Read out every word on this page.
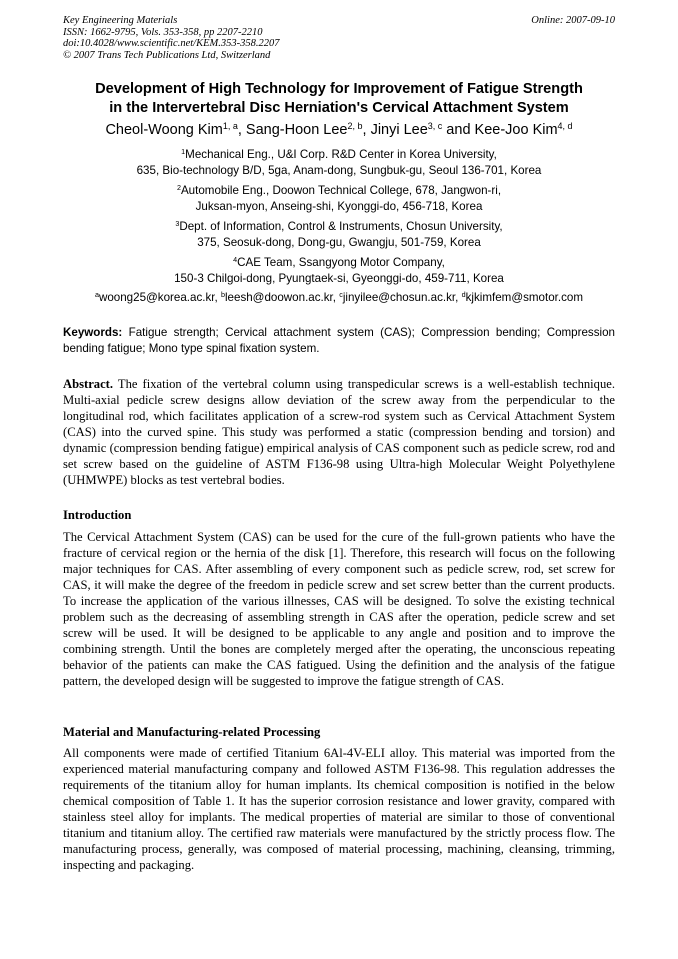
Key Engineering Materials
ISSN: 1662-9795, Vols. 353-358, pp 2207-2210
doi:10.4028/www.scientific.net/KEM.353-358.2207
© 2007 Trans Tech Publications Ltd, Switzerland
Online: 2007-09-10
Development of High Technology for Improvement of Fatigue Strength
in the Intervertebral Disc Herniation's Cervical Attachment System
Cheol-Woong Kim$^{1, a}$, Sang-Hoon Lee$^{2, b}$, Jinyi Lee$^{3, c}$ and Kee-Joo Kim$^{4, d}$
$^1$Mechanical Eng., U&I Corp. R&D Center in Korea University,
635, Bio-technology B/D, 5ga, Anam-dong, Sungbuk-gu, Seoul 136-701, Korea
$^2$Automobile Eng., Doowon Technical College, 678, Jangwon-ri,
Juksan-myon, Anseing-shi, Kyonggi-do, 456-718, Korea
$^3$Dept. of Information, Control & Instruments, Chosun University,
375, Seosuk-dong, Dong-gu, Gwangju, 501-759, Korea
$^4$CAE Team, Ssangyong Motor Company,
150-3 Chilgoi-dong, Pyungtaek-si, Gyeonggi-do, 459-711, Korea
$^a$woong25@korea.ac.kr, $^b$leesh@doowon.ac.kr, $^c$jinyilee@chosun.ac.kr, $^d$kjkimfem@smotor.com
Keywords: Fatigue strength; Cervical attachment system (CAS); Compression bending; Compression bending fatigue; Mono type spinal fixation system.
Abstract. The fixation of the vertebral column using transpedicular screws is a well-establish technique. Multi-axial pedicle screw designs allow deviation of the screw away from the perpendicular to the longitudinal rod, which facilitates application of a screw-rod system such as Cervical Attachment System (CAS) into the curved spine. This study was performed a static (compression bending and torsion) and dynamic (compression bending fatigue) empirical analysis of CAS component such as pedicle screw, rod and set screw based on the guideline of ASTM F136-98 using Ultra-high Molecular Weight Polyethylene (UHMWPE) blocks as test vertebral bodies.
Introduction
The Cervical Attachment System (CAS) can be used for the cure of the full-grown patients who have the fracture of cervical region or the hernia of the disk [1]. Therefore, this research will focus on the following major techniques for CAS. After assembling of every component such as pedicle screw, rod, set screw for CAS, it will make the degree of the freedom in pedicle screw and set screw better than the current products. To increase the application of the various illnesses, CAS will be designed. To solve the existing technical problem such as the decreasing of assembling strength in CAS after the operation, pedicle screw and set screw will be used. It will be designed to be applicable to any angle and position and to improve the combining strength. Until the bones are completely merged after the operating, the unconscious repeating behavior of the patients can make the CAS fatigued. Using the definition and the analysis of the fatigue pattern, the developed design will be suggested to improve the fatigue strength of CAS.
Material and Manufacturing-related Processing
All components were made of certified Titanium 6Al-4V-ELI alloy. This material was imported from the experienced material manufacturing company and followed ASTM F136-98. This regulation addresses the requirements of the titanium alloy for human implants. Its chemical composition is notified in the below chemical composition of Table 1. It has the superior corrosion resistance and lower gravity, compared with stainless steel alloy for implants. The medical properties of material are similar to those of conventional titanium and titanium alloy. The certified raw materials were manufactured by the strictly process flow. The manufacturing process, generally, was composed of material processing, machining, cleansing, trimming, inspecting and packaging.
